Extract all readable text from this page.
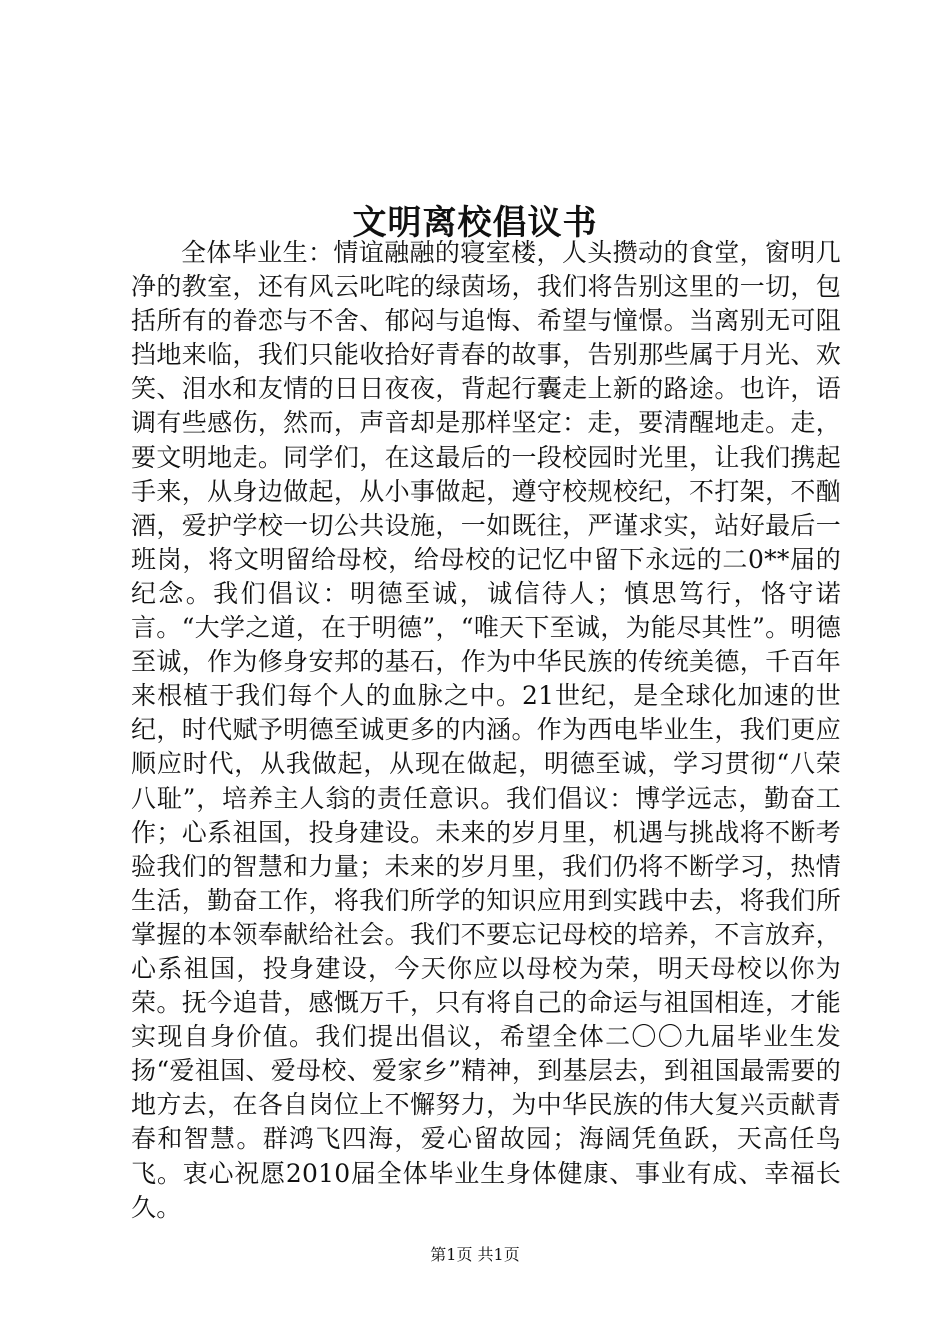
文明离校倡议书

全体毕业生：情谊融融的寝室楼，人头攒动的食堂，窗明几净的教室，还有风云叱咤的绿茵场，我们将告别这里的一切，包括所有的眷恋与不舍、郁闷与追悔、希望与憧憬。当离别无可阻挡地来临，我们只能收拾好青春的故事，告别那些属于月光、欢笑、泪水和友情的日日夜夜，背起行囊走上新的路途。也许，语调有些感伤，然而，声音却是那样坚定：走，要清醒地走。走，要文明地走。同学们，在这最后的一段校园时光里，让我们携起手来，从身边做起，从小事做起，遵守校规校纪，不打架，不酗酒，爱护学校一切公共设施，一如既往，严谨求实，站好最后一班岗，将文明留给母校，给母校的记忆中留下永远的二0**届的纪念。我们倡议：明德至诚，诚信待人；慎思笃行，恪守诺言。“大学之道，在于明德”，“唯天下至诚，为能尽其性”。明德至诚，作为修身安邦的基石，作为中华民族的传统美德，千百年来根植于我们每个人的血脉之中。21世纪，是全球化加速的世纪，时代赋予明德至诚更多的内涵。作为西电毕业生，我们更应顺应时代，从我做起，从现在做起，明德至诚，学习贯彻“八荣八耻”，培养主人翁的责任意识。我们倡议：博学远志，勤奋工作；心系祖国，投身建设。未来的岁月里，机遇与挑战将不断考验我们的智慧和力量；未来的岁月里，我们仍将不断学习，热情生活，勤奋工作，将我们所学的知识应用到实践中去，将我们所掌握的本领奉献给社会。我们不要忘记母校的培养，不言放弃，心系祖国，投身建设，今天你应以母校为荣，明天母校以你为荣。抚今追昔，感慨万千，只有将自己的命运与祖国相连，才能实现自身价值。我们提出倡议，希望全体二〇〇九届毕业生发扬“爱祖国、爱母校、爱家乡”精神，到基层去，到祖国最需要的地方去，在各自岗位上不懈努力，为中华民族的伟大复兴贡献青春和智慧。群鸿飞四海，爱心留故园；海阔凭鱼跃，天高任鸟飞。衷心祝愿2010届全体毕业生身体健康、事业有成、幸福长久。

第1页 共1页
